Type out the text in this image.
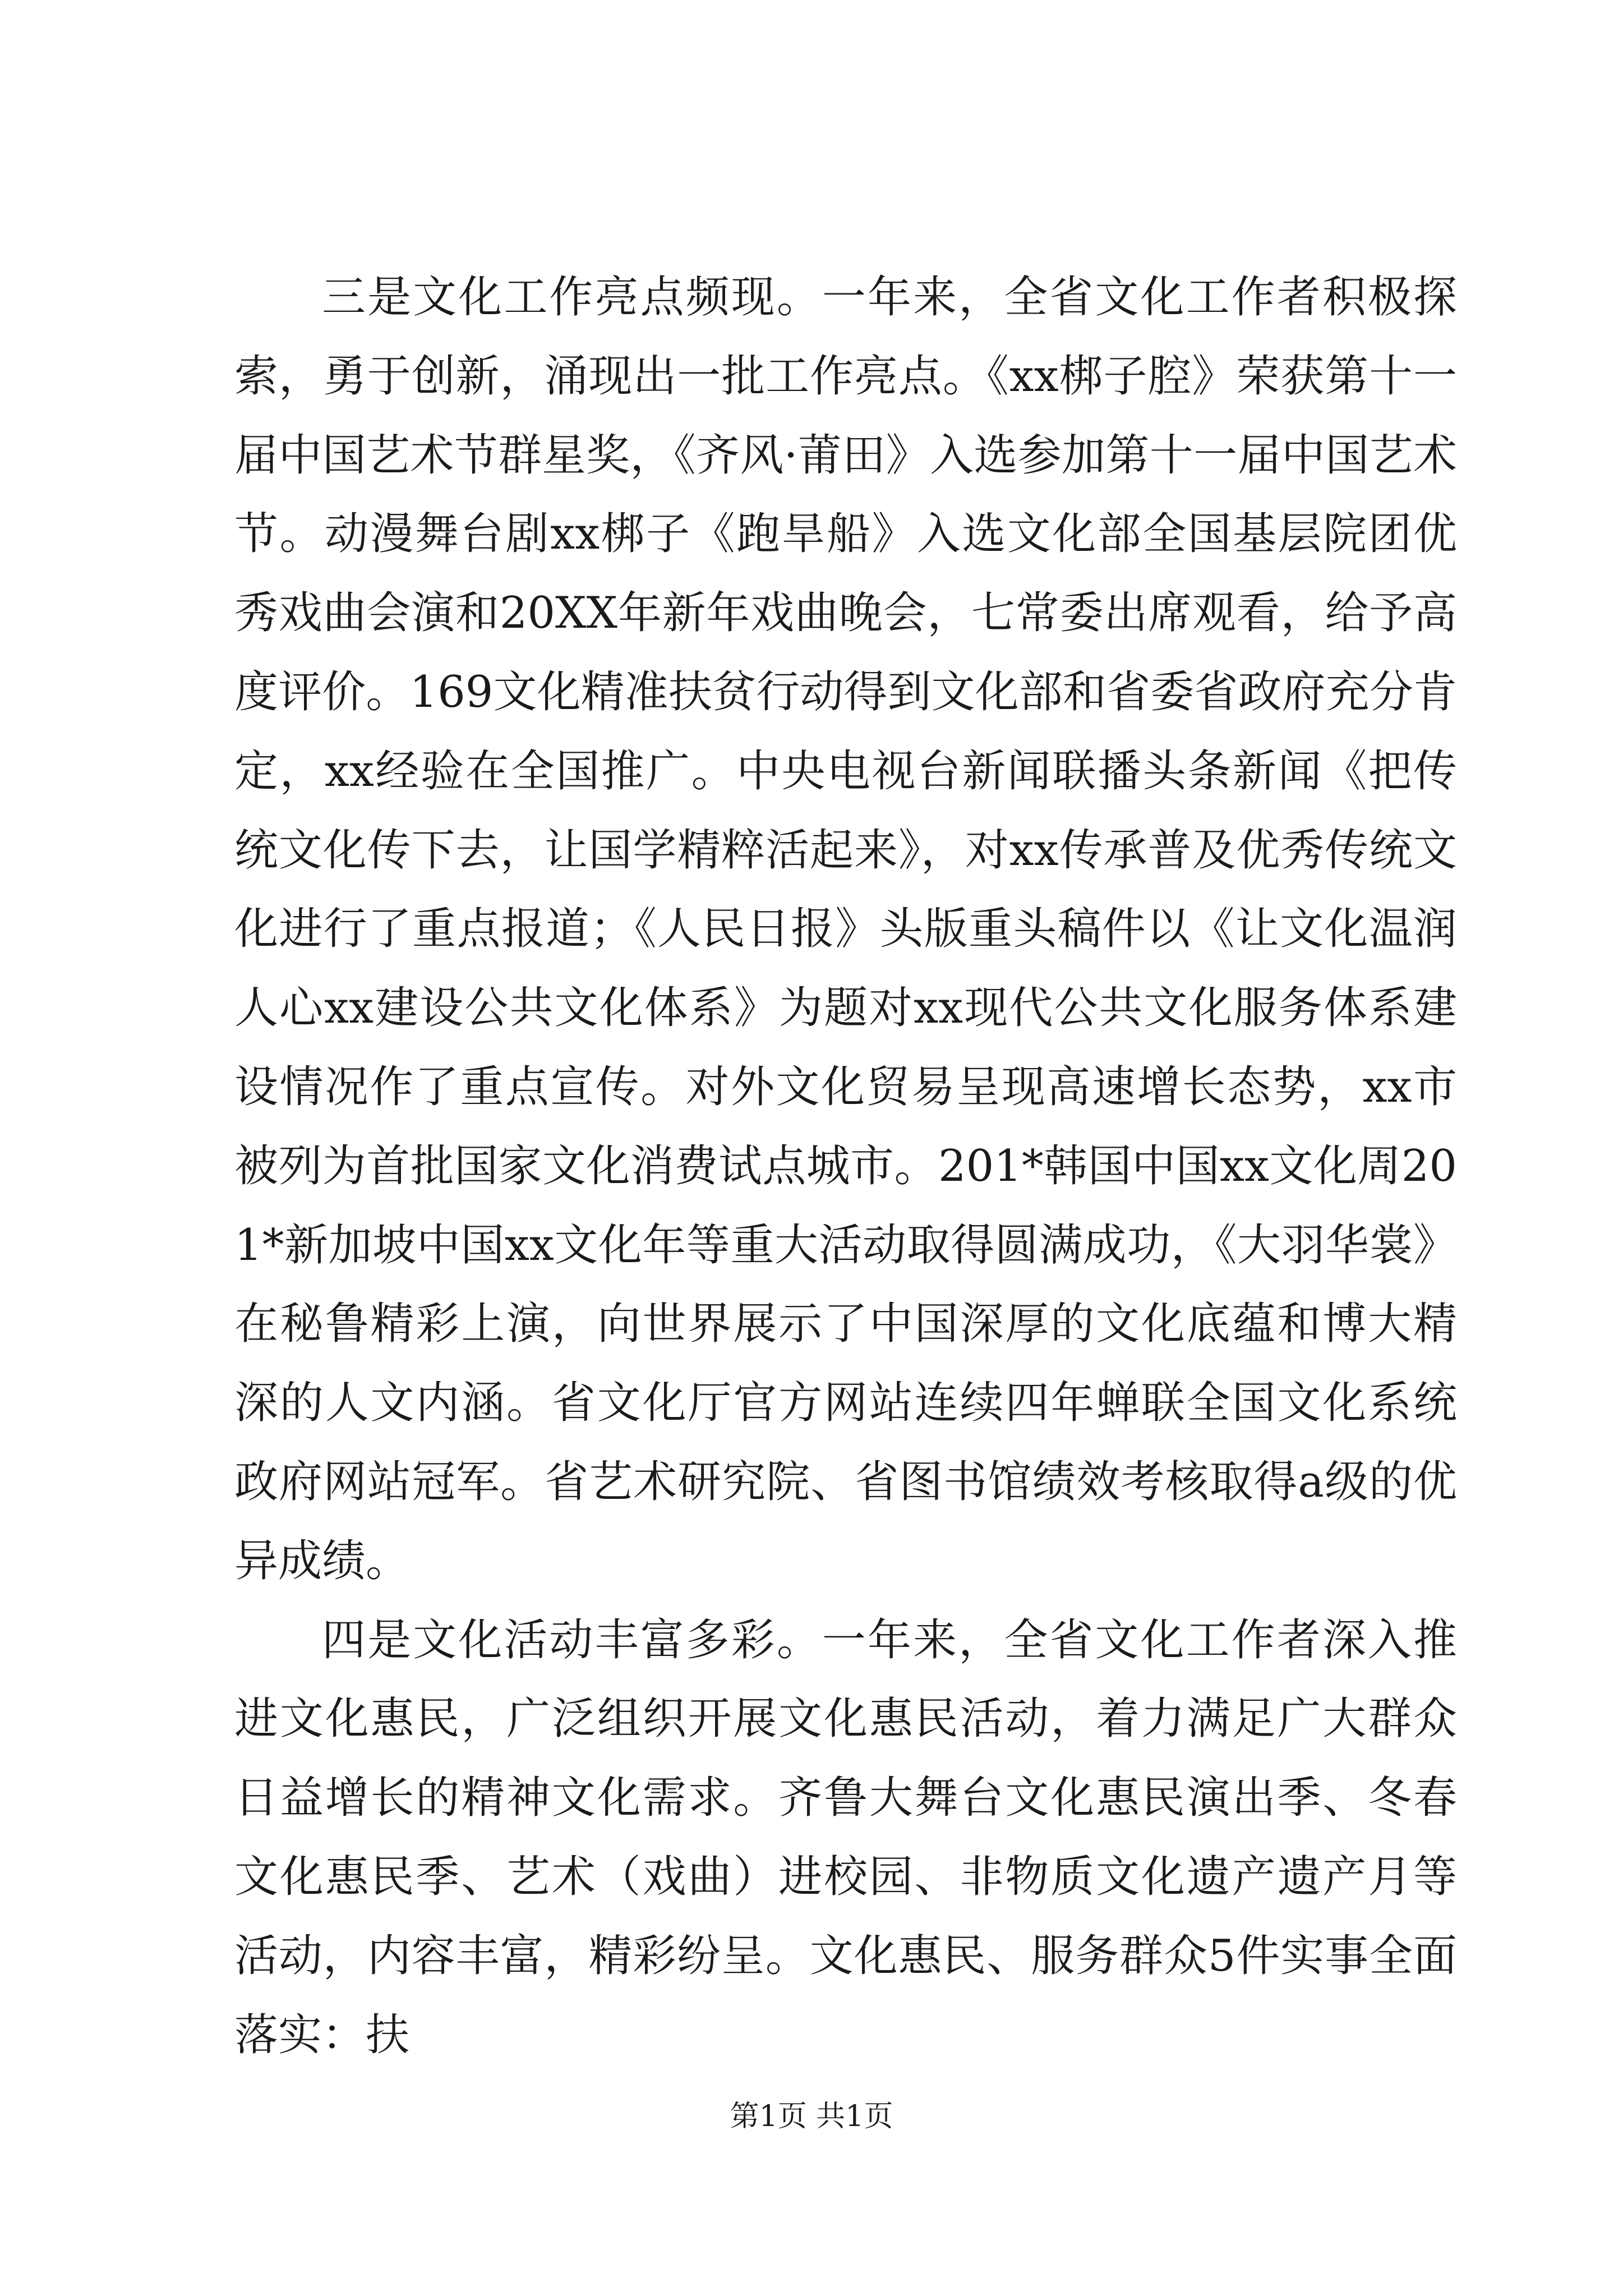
三是文化工作亮点频现。一年来，全省文化工作者积极探索，勇于创新，涌现出一批工作亮点。《xx梆子腔》荣获第十一届中国艺术节群星奖，《齐风·莆田》入选参加第十一届中国艺术节。动漫舞台剧xx梆子《跑旱船》入选文化部全国基层院团优秀戏曲会演和20XX年新年戏曲晚会，七常委出席观看，给予高度评价。169文化精准扶贫行动得到文化部和省委省政府充分肯定，xx经验在全国推广。中央电视台新闻联播头条新闻《把传统文化传下去，让国学精粹活起来》，对xx传承普及优秀传统文化进行了重点报道；《人民日报》头版重头稿件以《让文化温润人心xx建设公共文化体系》为题对xx现代公共文化服务体系建设情况作了重点宣传。对外文化贸易呈现高速增长态势，xx市被列为首批国家文化消费试点城市。201*韩国中国xx文化周201*新加坡中国xx文化年等重大活动取得圆满成功，《大羽华裳》在秘鲁精彩上演，向世界展示了中国深厚的文化底蕴和博大精深的人文内涵。省文化厅官方网站连续四年蝉联全国文化系统政府网站冠军。省艺术研究院、省图书馆绩效考核取得a级的优异成绩。

四是文化活动丰富多彩。一年来，全省文化工作者深入推进文化惠民，广泛组织开展文化惠民活动，着力满足广大群众日益增长的精神文化需求。齐鲁大舞台文化惠民演出季、冬春文化惠民季、艺术（戏曲）进校园、非物质文化遗产遗产月等活动，内容丰富，精彩纷呈。文化惠民、服务群众5件实事全面落实：扶

第1页 共1页
